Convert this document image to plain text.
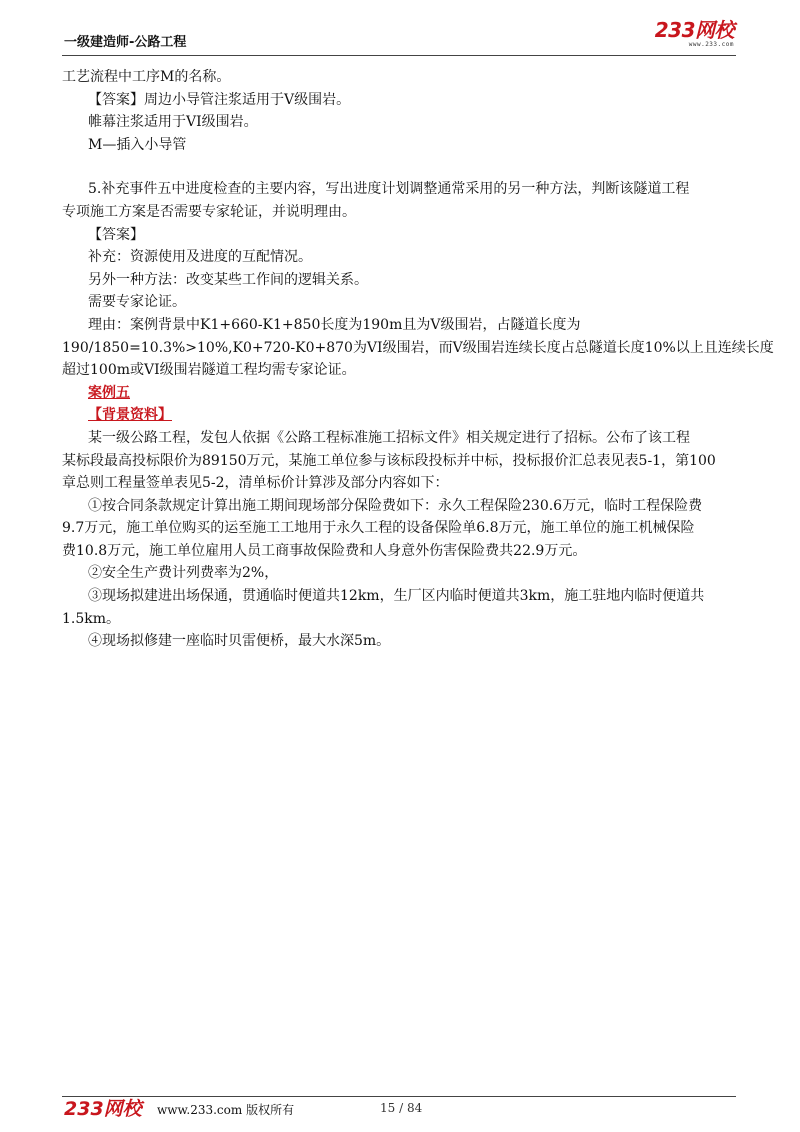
一级建造师-公路工程
233网校
www.233.com

工艺流程中工序M的名称。

【答案】周边小导管注浆适用于V级围岩。

帷幕注浆适用于VI级围岩。

M—插入小导管

5.补充事件五中进度检查的主要内容，写出进度计划调整通常采用的另一种方法，判断该隧道工程

专项施工方案是否需要专家轮证，并说明理由。

【答案】

补充：资源使用及进度的互配情况。

另外一种方法：改变某些工作间的逻辑关系。

需要专家论证。

理由：案例背景中K1+660-K1+850长度为190m且为V级围岩，占隧道长度为

190/1850=10.3%>10%,K0+720-K0+870为VI级围岩，而V级围岩连续长度占总隧道长度10%以上且连续长度

超过100m或VI级围岩隧道工程均需专家论证。

案例五

【背景资料】

某一级公路工程，发包人依据《公路工程标准施工招标文件》相关规定进行了招标。公布了该工程

某标段最高投标限价为89150万元，某施工单位参与该标段投标并中标，投标报价汇总表见表5-1，第100

章总则工程量签单表见5-2，清单标价计算涉及部分内容如下：

①按合同条款规定计算出施工期间现场部分保险费如下：永久工程保险230.6万元，临时工程保险费

9.7万元，施工单位购买的运至施工工地用于永久工程的设备保险单6.8万元，施工单位的施工机械保险

费10.8万元，施工单位雇用人员工商事故保险费和人身意外伤害保险费共22.9万元。

②安全生产费计列费率为2%，

③现场拟建进出场保通，贯通临时便道共12km，生厂区内临时便道共3km，施工驻地内临时便道共

1.5km。

④现场拟修建一座临时贝雷便桥，最大水深5m。

233网校 www.233.com 版权所有	15 / 84
